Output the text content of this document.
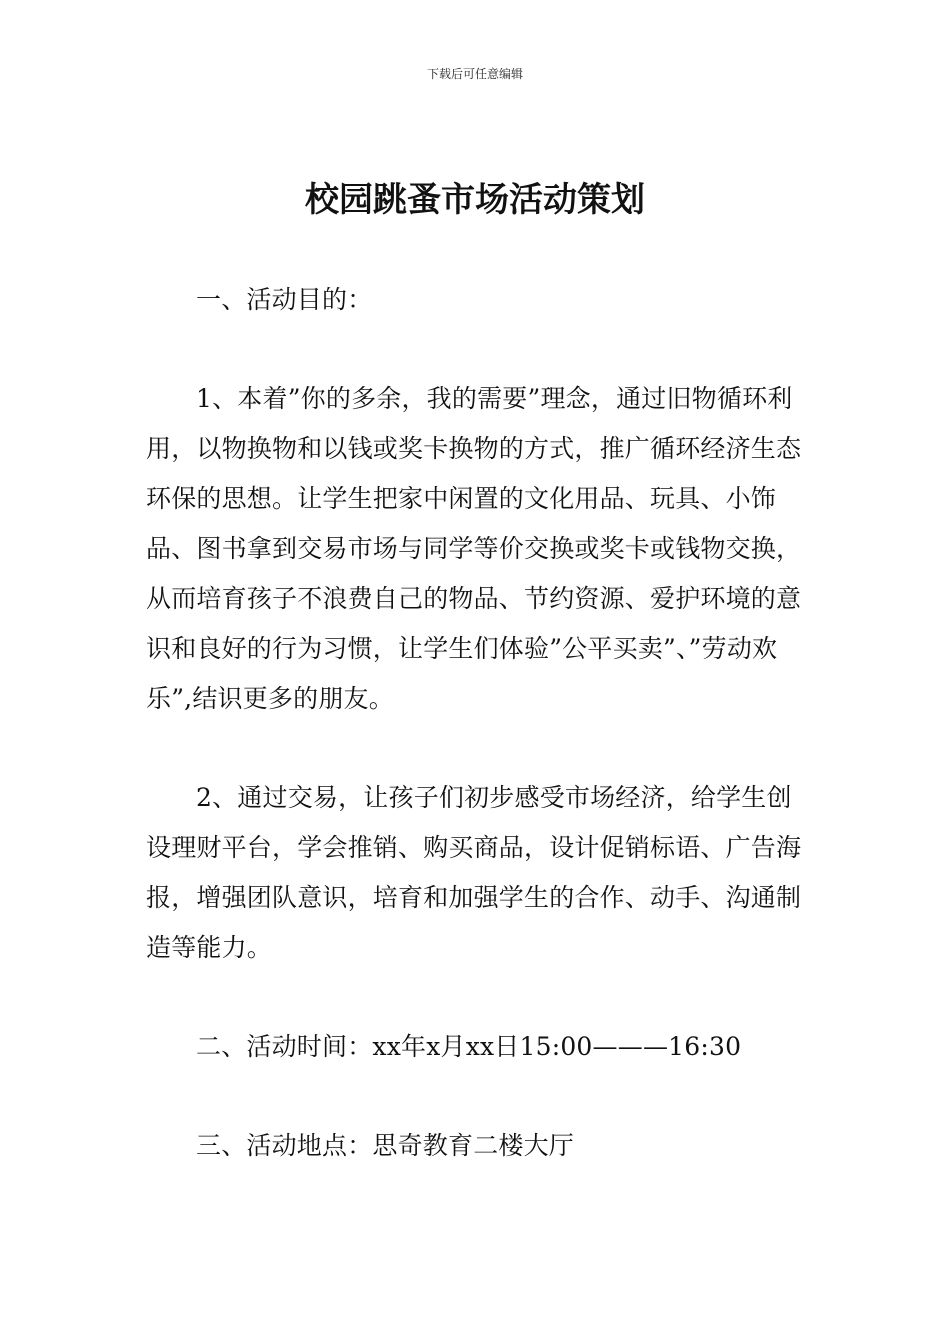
下载后可任意编辑
校园跳蚤市场活动策划

一、活动目的：

1、本着”你的多余，我的需要”理念，通过旧物循环利用，以物换物和以钱或奖卡换物的方式，推广循环经济生态环保的思想。让学生把家中闲置的文化用品、玩具、小饰品、图书拿到交易市场与同学等价交换或奖卡或钱物交换，从而培育孩子不浪费自己的物品、节约资源、爱护环境的意识和良好的行为习惯，让学生们体验”公平买卖”、”劳动欢乐”,结识更多的朋友。

2、通过交易，让孩子们初步感受市场经济，给学生创设理财平台，学会推销、购买商品，设计促销标语、广告海报，增强团队意识，培育和加强学生的合作、动手、沟通制造等能力。

二、活动时间：xx年x月xx日15:00———16:30

三、活动地点：思奇教育二楼大厅
